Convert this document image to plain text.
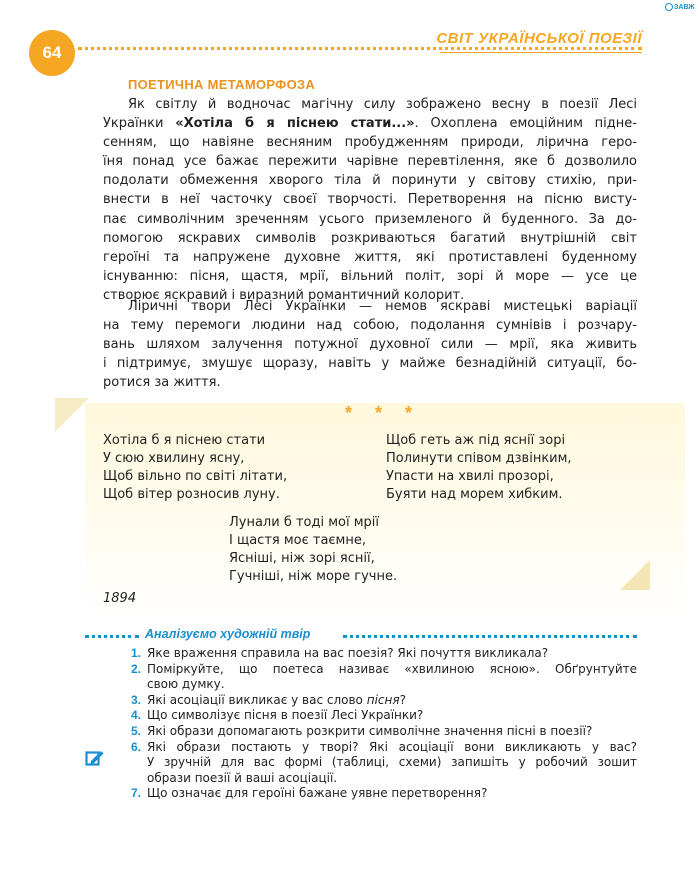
ЗАВЖ
64
СВІТ УКРАЇНСЬКОЇ ПОЕЗІЇ
ПОЕТИЧНА МЕТАМОРФОЗА
Як світлу й водночас магічну силу зображено весну в поезії Лесі
Українки «Хотіла б я піснею стати...». Охоплена емоційним підне-
сенням, що навіяне весняним пробудженням природи, ліричнa геро-
їня понад усе бажає пережити чарівне перевтілення, яке б дозволило
подолати обмеження хворого тіла й поринути у світову стихію, при-
внести в неї часточку своєї творчості. Перетворення на пісню висту-
пає символічним зреченням усього приземленого й буденного. За до-
помогою яскравих символів розкриваються багатий внутрішній світ
героїні та напружене духовне життя, які протиставлені буденному
існуванню: пісня, щастя, мрії, вільний політ, зорі й море — усе це
створює яскравий і виразний романтичний колорит.
Ліричні твори Лесі Українки — немов яскраві мистецькі варіації
на тему перемоги людини над собою, подолання сумнівів і розчару-
вань шляхом залучення потужної духовної сили — мрії, яка живить
і підтримує, змушує щоразу, навіть у майже безнадійній ситуації, бо-
ротися за життя.
* * *
Хотіла б я піснею стати
У сюю хвилину ясну,
Щоб вільно по світі літати,
Щоб вітер розносив луну.
Щоб геть аж під яснії зорі
Полинути співом дзвінким,
Упасти на хвилі прозорі,
Буяти над морем хибким.
Лунали б тоді мої мрії
І щастя моє таємне,
Ясніші, ніж зорі яснії,
Гучніші, ніж море гучне.
1894
Аналізуємо художній твір
1. Яке враження справила на вас поезія? Які почуття викликала?
2. Поміркуйте, що поетеса називає «хвилиною ясною». Обґрунтуйте
свою думку.
3. Які асоціації викликає у вас слово пісня?
4. Що символізує пісня в поезії Лесі Українки?
5. Які образи допомагають розкрити символічне значення пісні в поезії?
6. Які образи постають у творі? Які асоціації вони викликають у вас?
У зручній для вас формі (таблиці, схеми) запишіть у робочий зошит
образи поезії й ваші асоціації.
7. Що означає для героїні бажане уявне перетворення?
